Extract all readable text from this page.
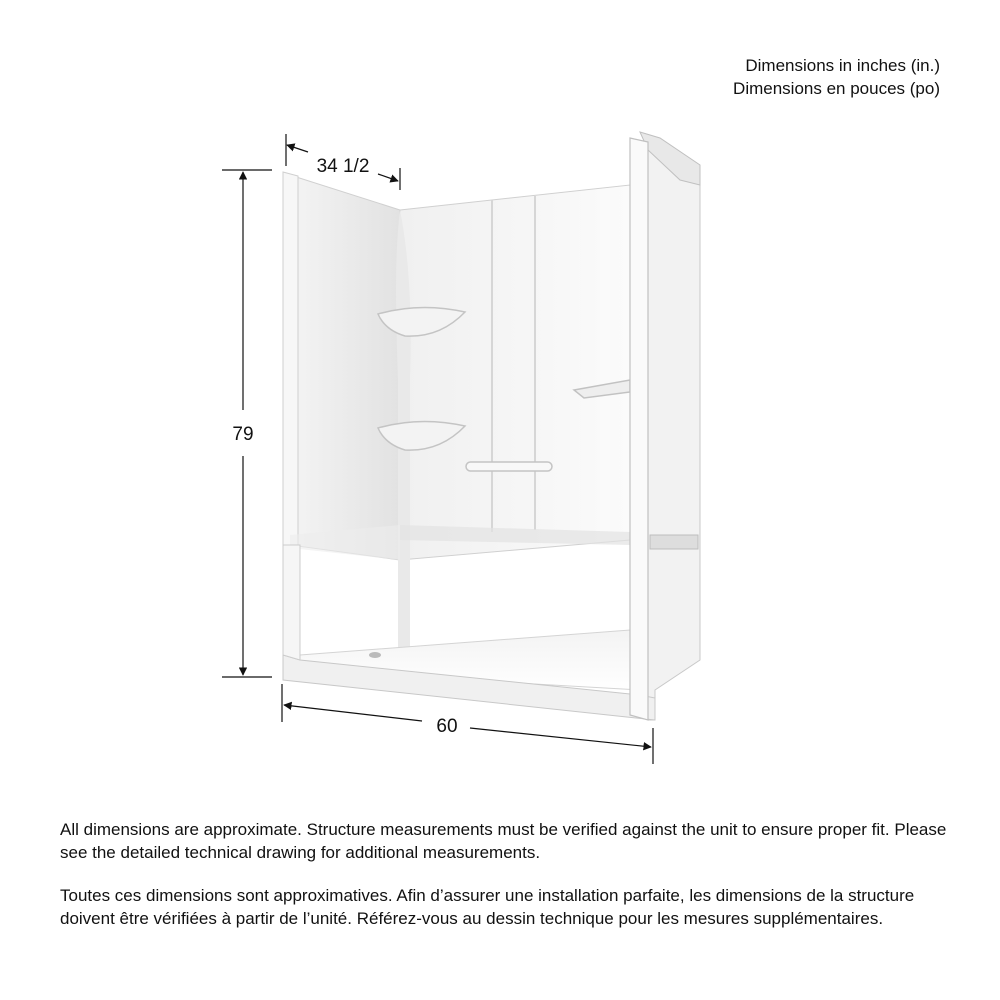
Dimensions in inches (in.)
Dimensions en pouces (po)
34 1/2
79
60

All dimensions are approximate. Structure measurements must be verified against the unit to ensure proper fit. Please see the detailed technical drawing for additional measurements.

Toutes ces dimensions sont approximatives. Afin d’assurer une installation parfaite, les dimensions de la structure doivent être vérifiées à partir de l’unité. Référez-vous au dessin technique pour les mesures supplémentaires.
